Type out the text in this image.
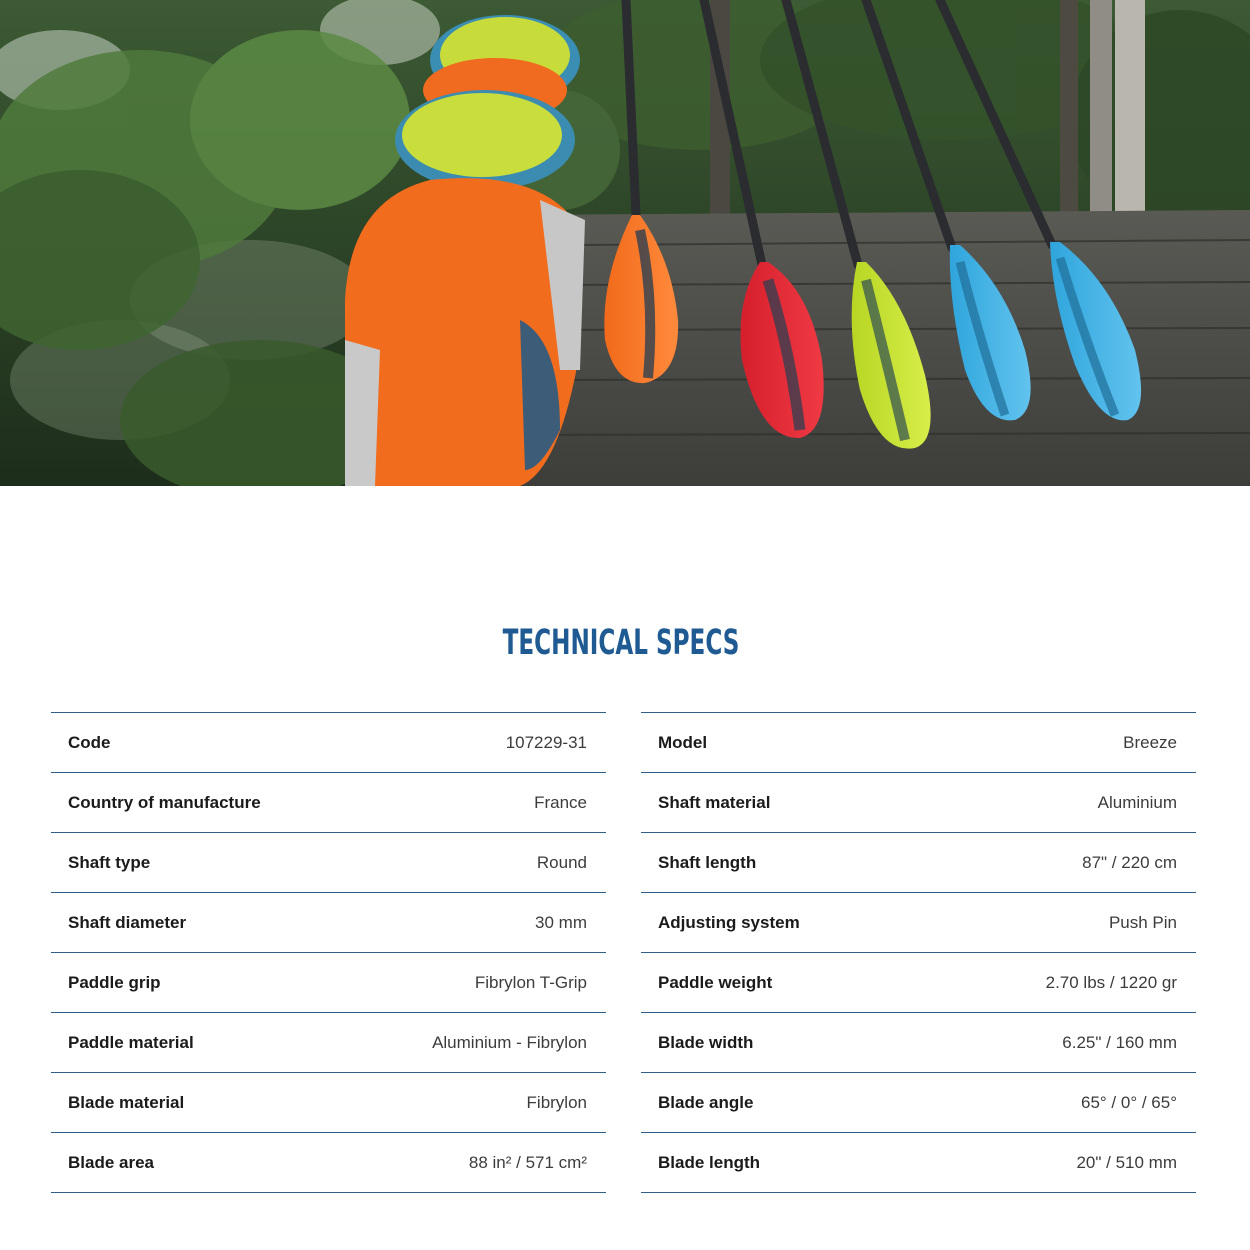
TECHNICAL SPECS
Code	107229-31
Country of manufacture	France
Shaft type	Round
Shaft diameter	30 mm
Paddle grip	Fibrylon T-Grip
Paddle material	Aluminium - Fibrylon
Blade material	Fibrylon
Blade area	88 in² / 571 cm²
Model	Breeze
Shaft material	Aluminium
Shaft length	87" / 220 cm
Adjusting system	Push Pin
Paddle weight	2.70 lbs / 1220 gr
Blade width	6.25" / 160 mm
Blade angle	65° / 0° / 65°
Blade length	20" / 510 mm
